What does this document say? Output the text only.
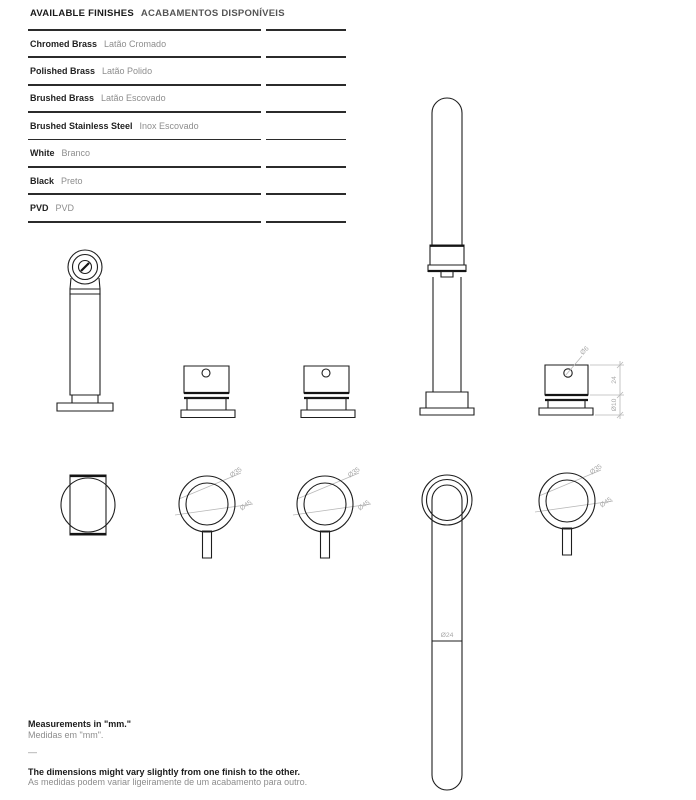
AVAILABLE FINISHES ACABAMENTOS DISPONÍVEIS
Chromed Brass Latão Cromado
Polished Brass Latão Polido
Brushed Brass Latão Escovado
Brushed Stainless Steel Inox Escovado
White Branco
Black Preto
PVD PVD
Ø6
24
Ø10
Ø35
Ø45
Ø35
Ø45
Ø24
Ø35
Ø45
Measurements in "mm."
Medidas em "mm".
—
The dimensions might vary slightly from one finish to the other.
As medidas podem variar ligeiramente de um acabamento para outro.
